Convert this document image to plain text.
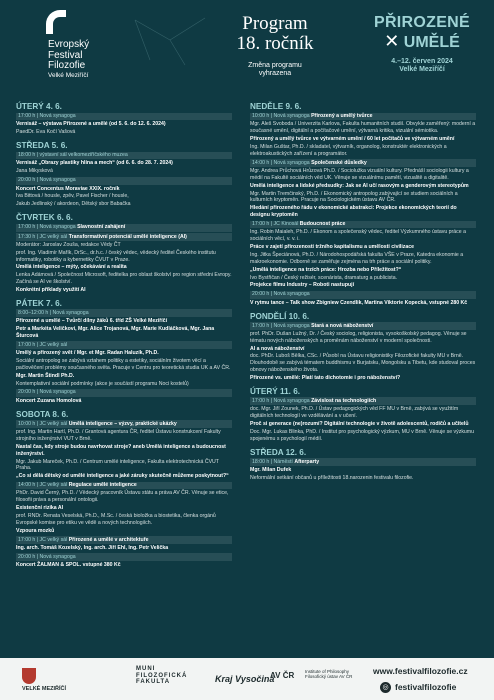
Evropský
Festival
Filozofie
Velké Meziříčí
Program
18. ročník
Změna programu
vyhrazena
PŘIROZENÉ
✕ UMĚLÉ
4.–12. červen 2024
Velké Meziříčí
ÚTERÝ 4. 6.
17:00 h | Nová synagoga
Vernisáž – výstava Přirozené a umělé (od 5. 6. do 12. 6. 2024)
PaedDr. Eva Kočí Vašová
STŘEDA 5. 6.
18:00 h | výstavní sál velkomeziříčského muzea
Vernisáž „Obrazy plastiky hlína a mech“ (od 6. 6. do 28. 7. 2024)
Jana Mikysková
20:00 h | Nová synagoga
Koncert Concentus Moraviae XXIX. ročník
Iva Bittová / housle, zpěv, Pavel Fischer / housle,
Jakub Jedlinský / akordeon, Dětský sbor Babačka
ČTVRTEK 6. 6.
17:00 h | Nová synagoga Slavnostní zahájení
17:30 h | JC velký sál Transformativní potenciál umělé inteligence (AI)
Moderátor: Jaroslav Zouša, redakce Vědy ČT
prof. Ing. Vladimír Mařík, DrSc., dr.h.c. / český vědec, vědecký ředitel Českého institutu informatiky, robotiky a kybernetiky ČVUT v Praze.
Umělá inteligence – mýty, očekávání a realita
Lenka Adámová / Společnost Microsoft, ředitelka pro oblast školství pro region středni Evropy. Začíná se AI ve školství.
Konkrétní příklady využití AI
PÁTEK 7. 6.
8:00–12:00 h | Nová synagoga
Přirozené a umělé – Tvůrčí dílny žáků 6. tříd ZŠ Velké Meziříčí
Petr a Markéta Veličkovi, Mgr. Alice Trojanová, Mgr. Marie Kudláčková, Mgr. Jana Šturcová
17:00 h | JC velký sál
Umělý a přirozený svět / Mgr. et Mgr. Radan Haluzík, Ph.D.
Sociální antropolog se zabývá vztahem politiky a estetiky, sociálním životem věcí a pačlověčení problémy současného světa. Pracuje v Centru pro teoretická studia UK a AV ČR.
Mgr. Martin Štindl Ph.D.
Kontemplativní sociální podmínky (akce je součástí programu Noci kostelů)
20:00 h | Nová synagoga
Koncert Zuzana Homolová
SOBOTA 8. 6.
10:00 h | JC velký sál Umělá inteligence – výzvy, praktické ukázky
prof. Ing. Martin Hartl, Ph.D. / Grantová agentura ČR, ředitel Ústavu konstrukcení Fakulty strojního inženýrství VUT v Brně.
Nastal čas, kdy stroje budou navrhovat stroje? aneb Umělá inteligence a budoucnost inženýrství.
Mgr. Jakub Mareček, Ph.D. / Centrum umělé inteligence, Fakulta elektrotechnická ČVUT Praha.
„Co si dělá dětský od umělé inteligence a jaké záruky skutečně můžeme poskytnout?“
14:00 h | JC velký sál Regulace umělé inteligence
PhDr. David Černý, Ph.D. / Vědecký pracovník Ústavu státu a práva AV ČR. Věnuje se etice, filosofii práva a personální ontologii.
Existenční rizika AI
prof. RNDr. Renata Veselská, Ph.D., M.Sc. / česká bioložka a biostetika, členka orgánů Evropské komise pro etiku ve vědě a nových technologiích.
Vzpoura mozků
17:00 h | JC velký sál Přirozené a umělé v architektuře
Ing. arch. Tomáš Kozelský, Ing. arch. Jiří Ehl, Ing. Petr Velička
20:00 h | Nová synagoga
Koncert ŽALMAN & SPOL. vstupné 380 Kč
NEDĚLE 9. 6.
10:00 h | Nová synagoga Přirozený a umělý tvůrce
Mgr. Aleš Svoboda / Univerzita Karlova, Fakulta humanitních studií. Obvykle zaměřený: moderní a současné umění, digitální a počítačové umění, výtvarná kritika, vizuální sémiotika.
Přirozený a umělý tvůrce ve výtvarném umění / 60 let počítačů ve výtvarném umění
Ing. Milan Guštar, Ph.D. / skladatel, výtvarník, organolog, konstruktér elektronických a elektroakustických zařízení a programátor.
14:00 h | Nová synagoga Společenské důsledky
Mgr. Andrea Průchová Hrůzová Ph.D. / Sociolužka vizuální kultury. Přednáší sociologii kultury a médií na Fakultě sociálních věd UK. Věnuje se vizuálnímu pamětí, vizualitě a digitalitě.
Umělá inteligence a lidské předsudky: Jak se AI učí rasovým a genderovým stereotypům
Mgr. Martin Tremčinský, Ph.D. / Ekonomický antropolog zabývající se studiem sociálních a kulturních kryptoměn. Pracuje na Sociologickém ústavu AV ČR.
Hledání přirozeného řádu v ekonomické abstrakci: Projekce ekonomických teorií do designu kryptoměn
17:00 h | JC Kinosál Budoucnost práce
Ing. Robin Maialeh, Ph.D. / Ekonom a společenský vědec, ředitel Výzkumného ústavu práce a sociálních věcí, v. v. i.
Práce v zajetí přirozenosti tržního kapitalismu a umělosti civilizace
Ing. Jitka Špeciánová, Ph.D. / Národohospodářská fakulta VŠE v Praze, Katedra ekonomie a makroekonomie. Odborně se zaměřuje zejména na trh práce a sociální politiky.
„Umělá inteligence na trzích práce: Hrozba nebo Příležitost?“
Ivo Bystřičan / Český režisér, scenárista, dramaturg a publicista.
Projekce filmu Industry – Roboti nastupují
20:00 h | Nová synagoga
V rytmu tance – Talk show Zbigniew Czendlik, Martina Viktorie Kopecká, vstupné 280 Kč
PONDĚLÍ 10. 6.
17:00 h | Nová synagoga Stará a nová náboženství
prof. PhDr. Dušan Lužný, Dr. / Český sociolog, religionista, vysokoškolský pedagog. Věnuje se tématu nových náboženských a proměnám náboženství v moderní společnosti.
AI a nová náboženství
doc. PhDr. Luboš Bělka, CSc. / Působí na Ústavu religionistiky Filozofické fakulty MU v Brně. Dlouhodobě se zabývá tématem buddhismu v Burjatsku, Mongolsku a Tibetu, kde studoval proces obnovy náboženského života.
Přirozené vs. umělé: Platí tato dichotomie i pro náboženství?
ÚTERÝ 11. 6.
17:00 h | Nová synagoga Závislost na technologiích
doc. Mgr. Jiří Zounek, Ph.D. / Ústav pedagogických věd FF MU v Brně, zabývá se využitím digitálních technologií ve vzdělávání a v učení.
Proč si generace (ne)rozumí? Digitální technologie v životě adolescentů, rodičů a učitelů
Doc. Mgr. Lukas Blinka, PhD. / Institut pro psychologický výzkum, MU v Brně. Věnuje se výzkumu spojenému s psychologií médií.
STŘEDA 12. 6.
18:00 h | Náměstí Afterparty
Mgr. Milan Dufek
Neformální setkání občanů u příležitosti 18.narozenin festivalu filozofie.
VELKÉ MEZIŘÍČÍ
MUNI
FILOZOFICKÁ
FAKULTA	Kraj Vysočina
AV ČR Institute of Philosophy Filosofický ústav AV ČR
www.festivalfilozofie.cz
◎ festivalfilozofie
